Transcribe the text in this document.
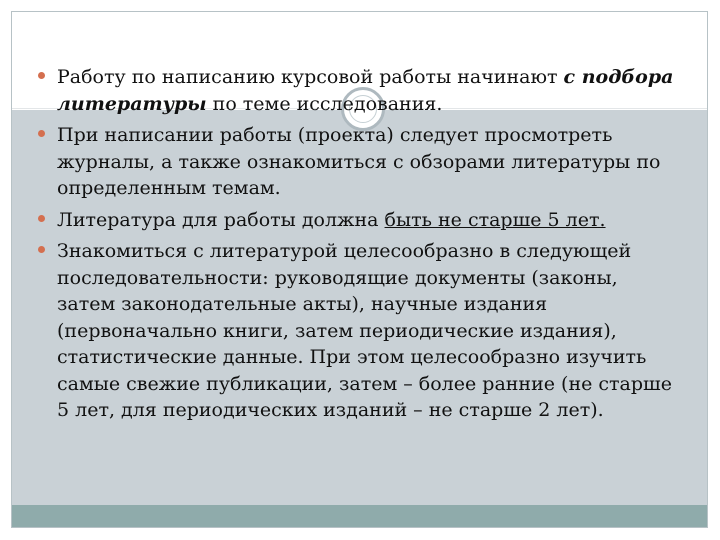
Работу по написанию курсовой работы начинают с подбора литературы по теме исследования.
При написании работы (проекта) следует просмотреть журналы, а также ознакомиться с обзорами литературы по определенным темам.
Литература для работы должна быть не старше 5 лет.
Знакомиться с литературой целесообразно в следующей последовательности: руководящие документы (законы, затем законодательные акты), научные издания (первоначально книги, затем периодические издания), статистические данные. При этом целесообразно изучить самые свежие публикации, затем – более ранние (не старше 5 лет, для периодических изданий – не старше 2 лет).
